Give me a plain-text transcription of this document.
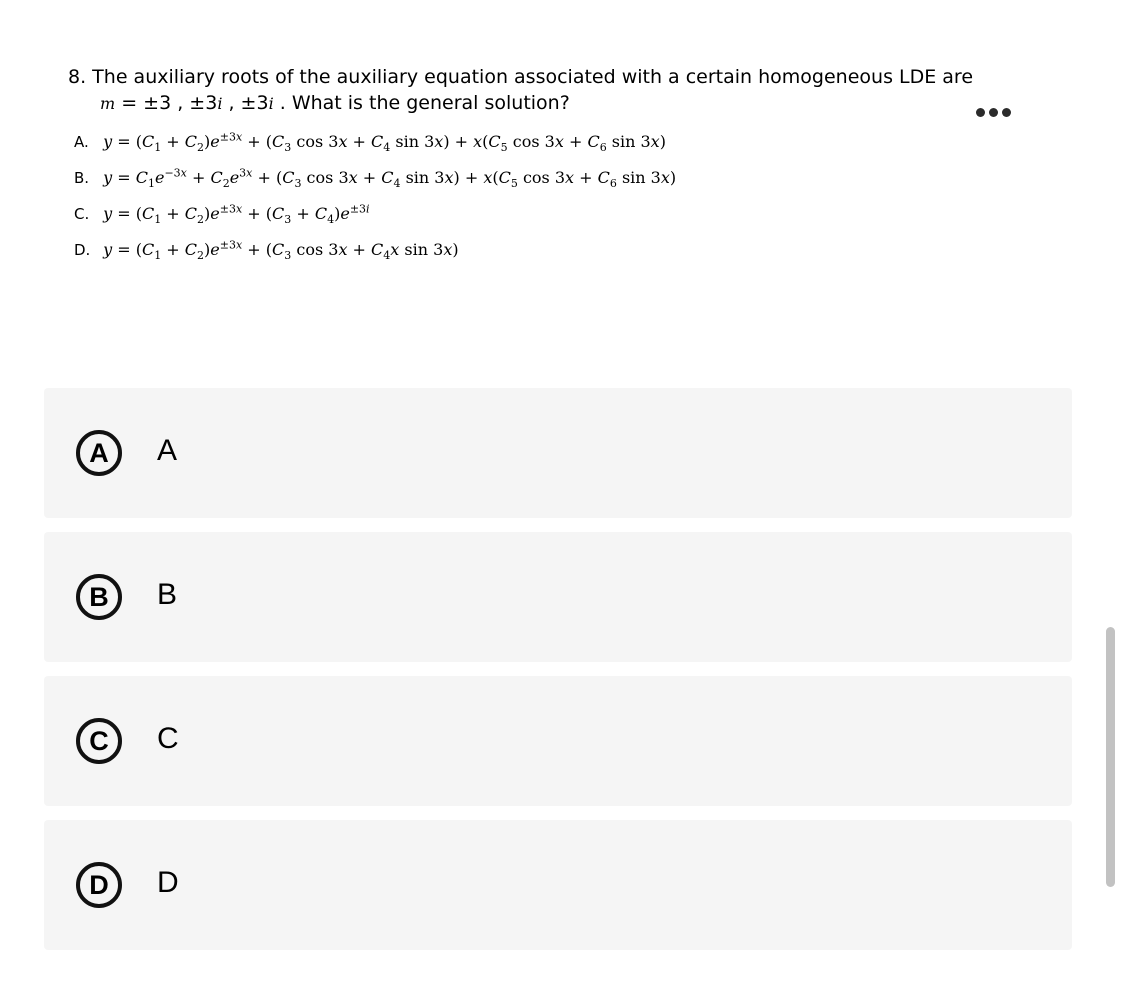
8. The auxiliary roots of the auxiliary equation associated with a certain homogeneous LDE are
m = ±3 , ±3i , ±3i . What is the general solution?
A. $y = (C_1 + C_2)e^{\pm 3x} + (C_3$ $\cos 3x + C_4$ $\sin 3x) + x(C_5$ $\cos 3x + C_6$ sin 3x)
B. $y = C_1e^{-3x} + C_2e^{3x} + (C_3$ $\cos 3x + C_4$ $\sin 3x) + x(C_5$ $\cos 3x + C_6$ sin 3x)
C. $y = (C_1 + C_2)e^{\pm 3x} + (C_3 + C_4)e^{\pm 3i}$
D. $y = (C_1 + C_2)e^{\pm 3x} + (C_3$ $\cos 3x + C_4x$ sin 3x)
A	A
B	B
C	C
D	D
